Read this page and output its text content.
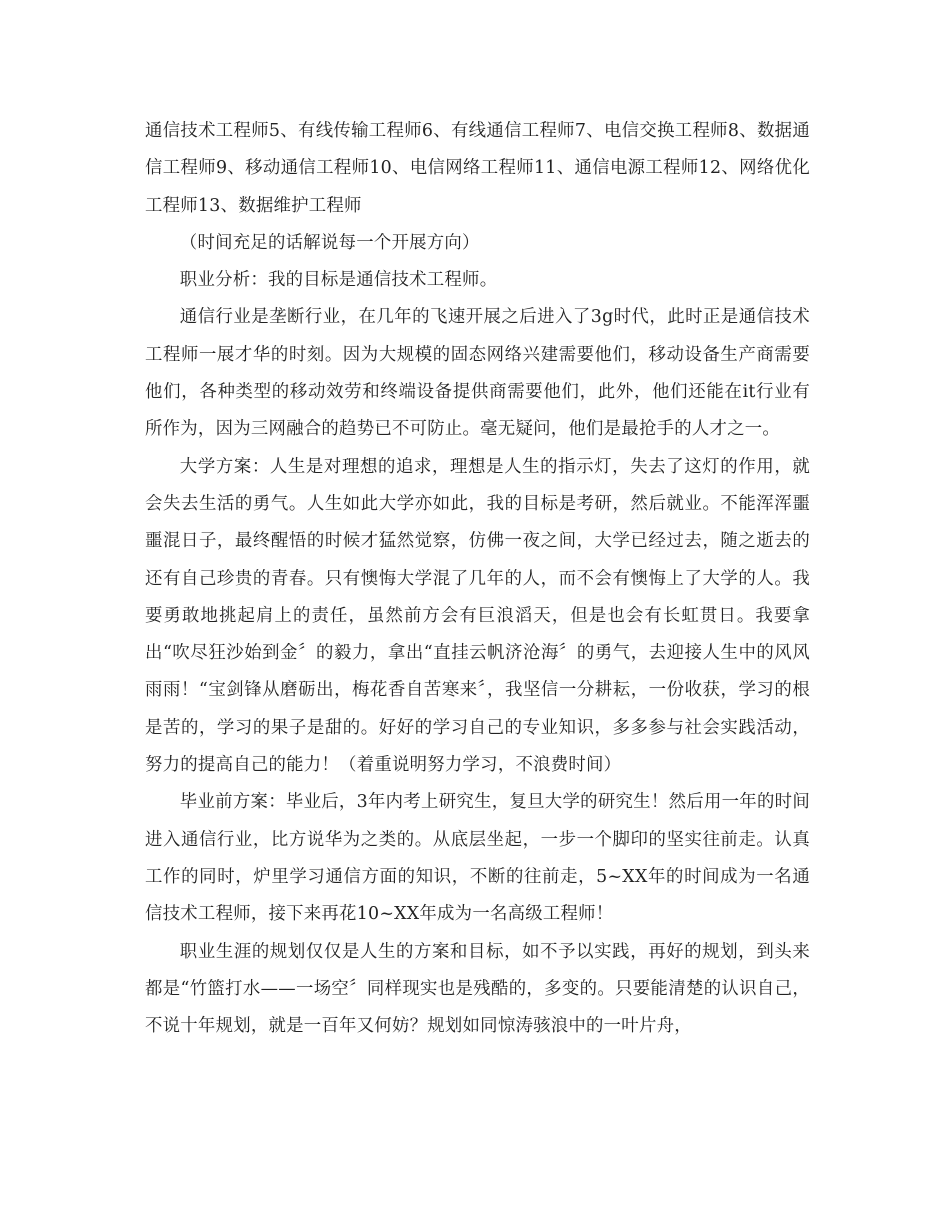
通信技术工程师5、有线传输工程师6、有线通信工程师7、电信交换工程师8、数据通信工程师9、移动通信工程师10、电信网络工程师11、通信电源工程师12、网络优化工程师13、数据维护工程师

（时间充足的话解说每一个开展方向）

职业分析：我的目标是通信技术工程师。

通信行业是垄断行业，在几年的飞速开展之后进入了3g时代，此时正是通信技术工程师一展才华的时刻。因为大规模的固态网络兴建需要他们，移动设备生产商需要他们，各种类型的移动效劳和终端设备提供商需要他们，此外，他们还能在it行业有所作为，因为三网融合的趋势已不可防止。毫无疑问，他们是最抢手的人才之一。

大学方案：人生是对理想的追求，理想是人生的指示灯，失去了这灯的作用，就会失去生活的勇气。人生如此大学亦如此，我的目标是考研，然后就业。不能浑浑噩噩混日子，最终醒悟的时候才猛然觉察，仿佛一夜之间，大学已经过去，随之逝去的还有自己珍贵的青春。只有懊悔大学混了几年的人，而不会有懊悔上了大学的人。我要勇敢地挑起肩上的责任，虽然前方会有巨浪滔天，但是也会有长虹贯日。我要拿出“吹尽狂沙始到金〞的毅力，拿出“直挂云帆济沧海〞的勇气，去迎接人生中的风风雨雨！“宝剑锋从磨砺出，梅花香自苦寒来〞，我坚信一分耕耘，一份收获，学习的根是苦的，学习的果子是甜的。好好的学习自己的专业知识，多多参与社会实践活动，努力的提高自己的能力！（着重说明努力学习，不浪费时间）

毕业前方案：毕业后，3年内考上研究生，复旦大学的研究生！然后用一年的时间进入通信行业，比方说华为之类的。从底层坐起，一步一个脚印的坚实往前走。认真工作的同时，炉里学习通信方面的知识，不断的往前走，5~XX年的时间成为一名通信技术工程师，接下来再花10~XX年成为一名高级工程师！

职业生涯的规划仅仅是人生的方案和目标，如不予以实践，再好的规划，到头来都是“竹篮打水——一场空〞同样现实也是残酷的，多变的。只要能清楚的认识自己，不说十年规划，就是一百年又何妨？规划如同惊涛骇浪中的一叶片舟，
